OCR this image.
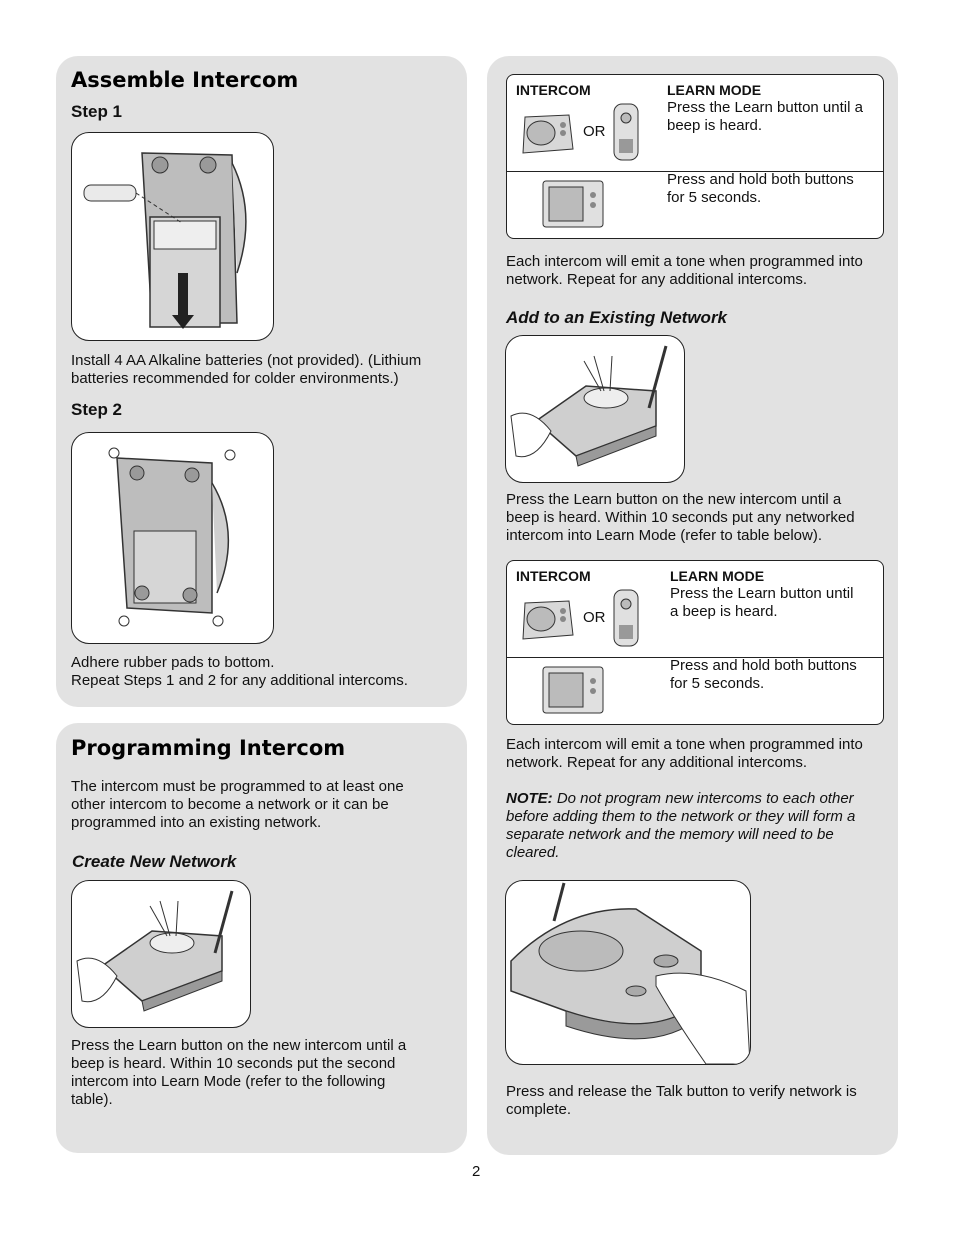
Assemble Intercom
Step 1
Install 4 AA Alkaline batteries (not provided). (Lithium
batteries recommended for colder environments.)
Step 2
Adhere rubber pads to bottom.
Repeat Steps 1 and 2 for any additional intercoms.
Programming Intercom
The intercom must be programmed to at least one
other intercom to become a network or it can be
programmed into an existing network.
Create New Network
Press the Learn button on the new intercom until a
beep is heard. Within 10 seconds put the second
intercom into Learn Mode (refer to the following
table).
INTERCOM	LEARN MODE
OR
Press the Learn button until a
beep is heard.
Press and hold both buttons
for 5 seconds.
Each intercom will emit a tone when programmed into
network. Repeat for any additional intercoms.
Add to an Existing Network
Press the Learn button on the new intercom until a
beep is heard. Within 10 seconds put any networked
intercom into Learn Mode (refer to table below).
INTERCOM	LEARN MODE
OR
Press the Learn button until
a beep is heard.
Press and hold both buttons
for 5 seconds.
Each intercom will emit a tone when programmed into
network. Repeat for any additional intercoms.
NOTE: Do not program new intercoms to each other
before adding them to the network or they will form a
separate network and the memory will need to be
cleared.
Press and release the Talk button to verify network is
complete.
2
